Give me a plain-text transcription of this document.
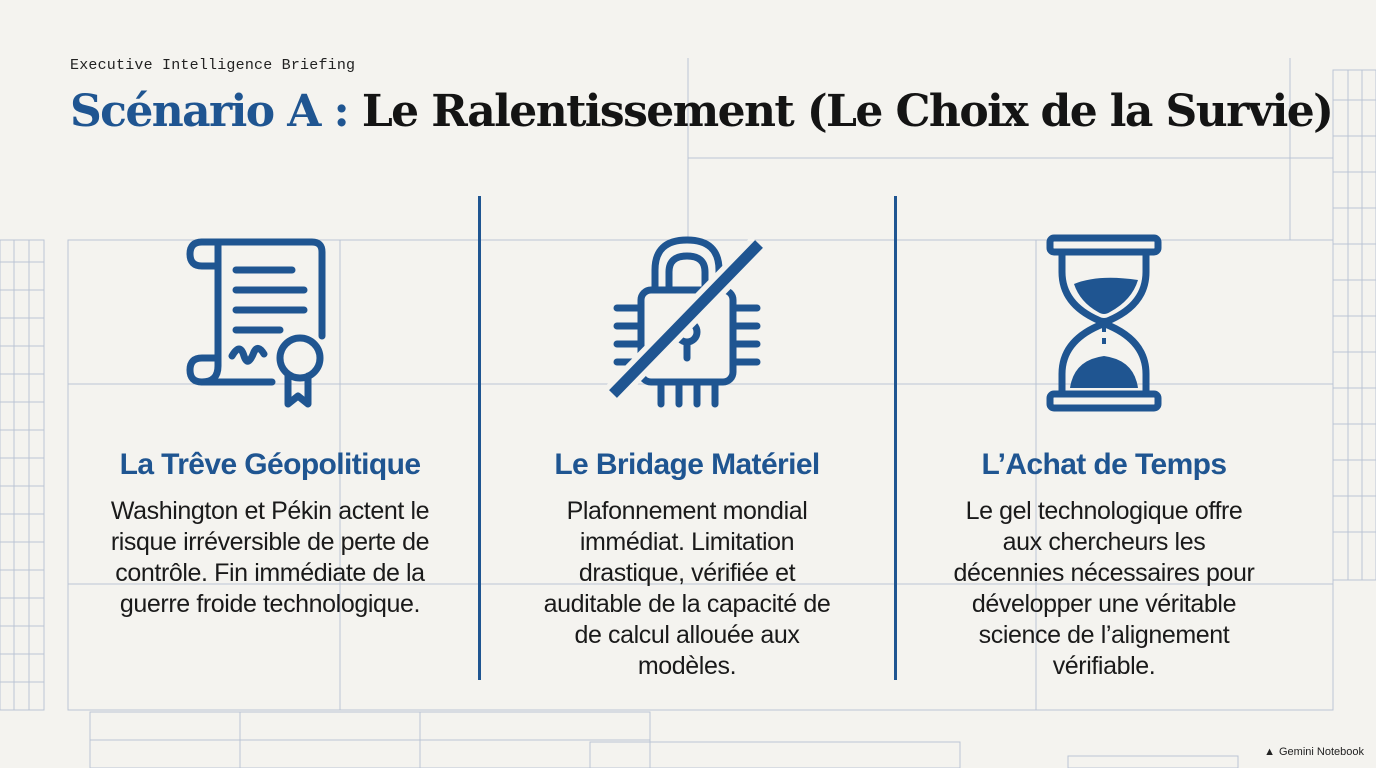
Executive Intelligence Briefing
Scénario A : Le Ralentissement (Le Choix de la Survie)
La Trêve Géopolitique
Washington et Pékin actent le risque irréversible de perte de contrôle. Fin immédiate de la guerre froide technologique.
Le Bridage Matériel
Plafonnement mondial immédiat. Limitation drastique, vérifiée et auditable de la capacité de de calcul allouée aux modèles.
L’Achat de Temps
Le gel technologique offre aux chercheurs les décennies nécessaires pour développer une véritable science de l’alignement vérifiable.
▲ Gemini Notebook
